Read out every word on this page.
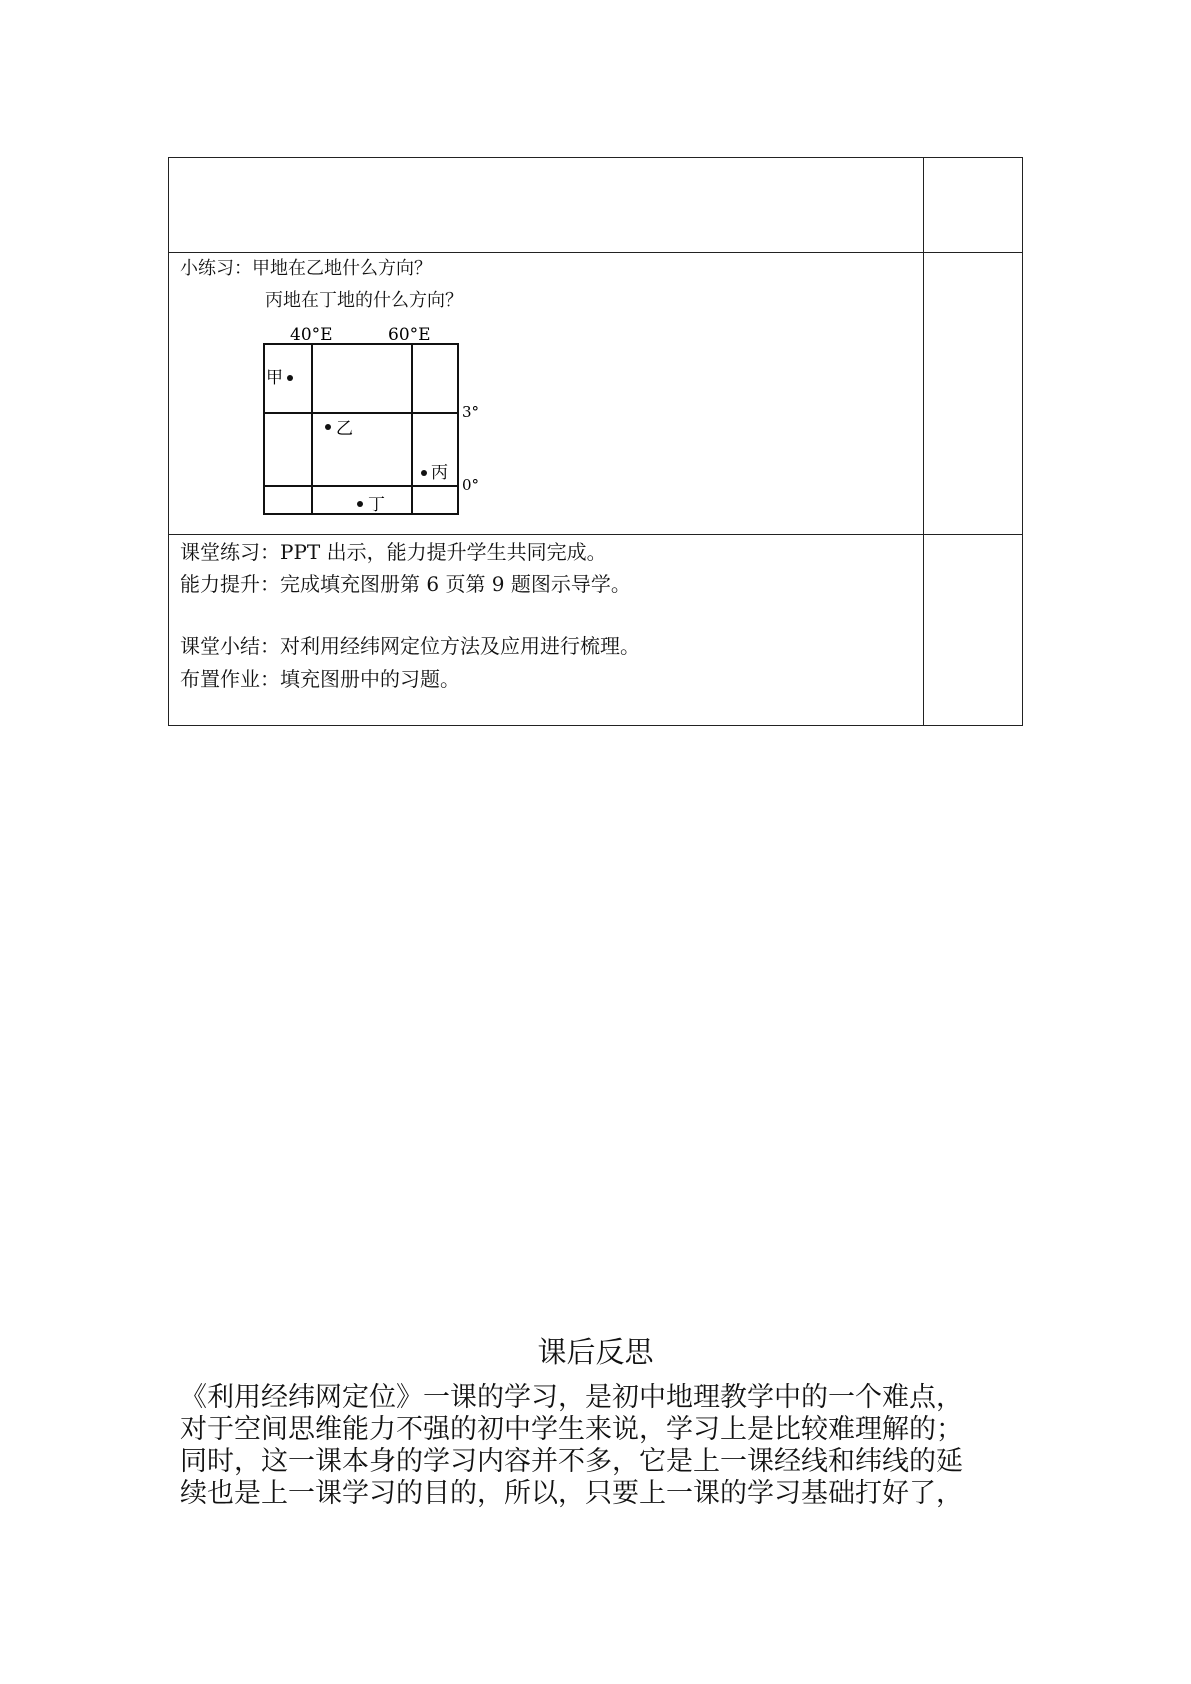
小练习：甲地在乙地什么方向？
丙地在丁地的什么方向？
40°E	60°E
3°
0°
甲
乙
丙
丁
课堂练习：PPT 出示，能力提升学生共同完成。
能力提升：完成填充图册第 6 页第 9 题图示导学。
课堂小结：对利用经纬网定位方法及应用进行梳理。
布置作业：填充图册中的习题。
课后反思
《利用经纬网定位》一课的学习，是初中地理教学中的一个难点，
对于空间思维能力不强的初中学生来说，学习上是比较难理解的；
同时，这一课本身的学习内容并不多，它是上一课经线和纬线的延
续也是上一课学习的目的，所以，只要上一课的学习基础打好了，
